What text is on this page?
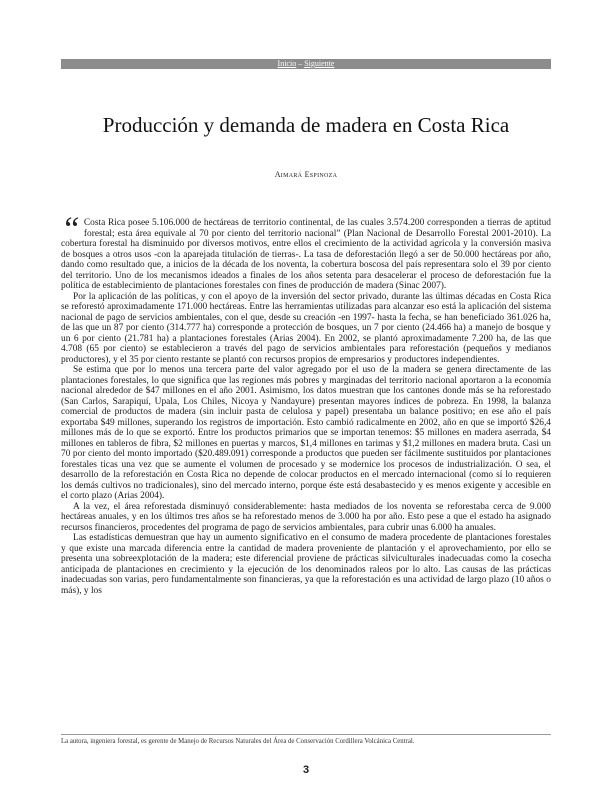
Inicio – Siguiente
Producción y demanda de madera en Costa Rica
Aimará Espinoza
“ Costa Rica posee 5.106.000 de hectáreas de territorio continental, de las cuales 3.574.200 corresponden a tierras de aptitud forestal; esta área equivale al 70 por ciento del territorio nacional” (Plan Nacional de Desarrollo Forestal 2001-2010). La cobertura forestal ha disminuido por diversos motivos, entre ellos el crecimiento de la actividad agrícola y la conversión masiva de bosques a otros usos -con la aparejada titulación de tierras-. La tasa de deforestación llegó a ser de 50.000 hectáreas por año, dando como resultado que, a inicios de la década de los noventa, la cobertura boscosa del país representara solo el 39 por ciento del territorio. Uno de los mecanismos ideados a finales de los años setenta para desacelerar el proceso de deforestación fue la política de establecimiento de plantaciones forestales con fines de producción de madera (Sinac 2007).

Por la aplicación de las políticas, y con el apoyo de la inversión del sector privado, durante las últimas décadas en Costa Rica se reforestó aproximadamente 171.000 hectáreas. Entre las herramientas utilizadas para alcanzar eso está la aplicación del sistema nacional de pago de servicios ambientales, con el que, desde su creación -en 1997- hasta la fecha, se han beneficiado 361.026 ha, de las que un 87 por ciento (314.777 ha) corresponde a protección de bosques, un 7 por ciento (24.466 ha) a manejo de bosque y un 6 por ciento (21.781 ha) a plantaciones forestales (Arias 2004). En 2002, se plantó aproximadamente 7.200 ha, de las que 4.708 (65 por ciento) se establecieron a través del pago de servicios ambientales para reforestación (pequeños y medianos productores), y el 35 por ciento restante se plantó con recursos propios de empresarios y productores independientes.

Se estima que por lo menos una tercera parte del valor agregado por el uso de la madera se genera directamente de las plantaciones forestales, lo que significa que las regiones más pobres y marginadas del territorio nacional aportaron a la economía nacional alrededor de $47 millones en el año 2001. Asimismo, los datos muestran que los cantones donde más se ha reforestado (San Carlos, Sarapiquí, Upala, Los Chiles, Nicoya y Nandayure) presentan mayores índices de pobreza. En 1998, la balanza comercial de productos de madera (sin incluir pasta de celulosa y papel) presentaba un balance positivo; en ese año el país exportaba $49 millones, superando los registros de importación. Esto cambió radicalmente en 2002, año en que se importó $26,4 millones más de lo que se exportó. Entre los productos primarios que se importan tenemos: $5 millones en madera aserrada, $4 millones en tableros de fibra, $2 millones en puertas y marcos, $1,4 millones en tarimas y $1,2 millones en madera bruta. Casi un 70 por ciento del monto importado ($20.489.091) corresponde a productos que pueden ser fácilmente sustituidos por plantaciones forestales ticas una vez que se aumente el volumen de procesado y se modernice los procesos de industrialización. O sea, el desarrollo de la reforestación en Costa Rica no depende de colocar productos en el mercado internacional (como sí lo requieren los demás cultivos no tradicionales), sino del mercado interno, porque éste está desabastecido y es menos exigente y accesible en el corto plazo (Arias 2004).

A la vez, el área reforestada disminuyó considerablemente: hasta mediados de los noventa se reforestaba cerca de 9.000 hectáreas anuales, y en los últimos tres años se ha reforestado menos de 3.000 ha por año. Esto pese a que el estado ha asignado recursos financieros, procedentes del programa de pago de servicios ambientales, para cubrir unas 6.000 ha anuales.

Las estadísticas demuestran que hay un aumento significativo en el consumo de madera procedente de plantaciones forestales y que existe una marcada diferencia entre la cantidad de madera proveniente de plantación y el aprovechamiento, por ello se presenta una sobreexplotación de la madera; este diferencial proviene de prácticas silviculturales inadecuadas como la cosecha anticipada de plantaciones en crecimiento y la ejecución de los denominados raleos por lo alto. Las causas de las prácticas inadecuadas son varias, pero fundamentalmente son financieras, ya que la reforestación es una actividad de largo plazo (10 años o más), y los

La autora, ingeniera forestal, es gerente de Manejo de Recursos Naturales del Área de Conservación Cordillera Volcánica Central.
3
